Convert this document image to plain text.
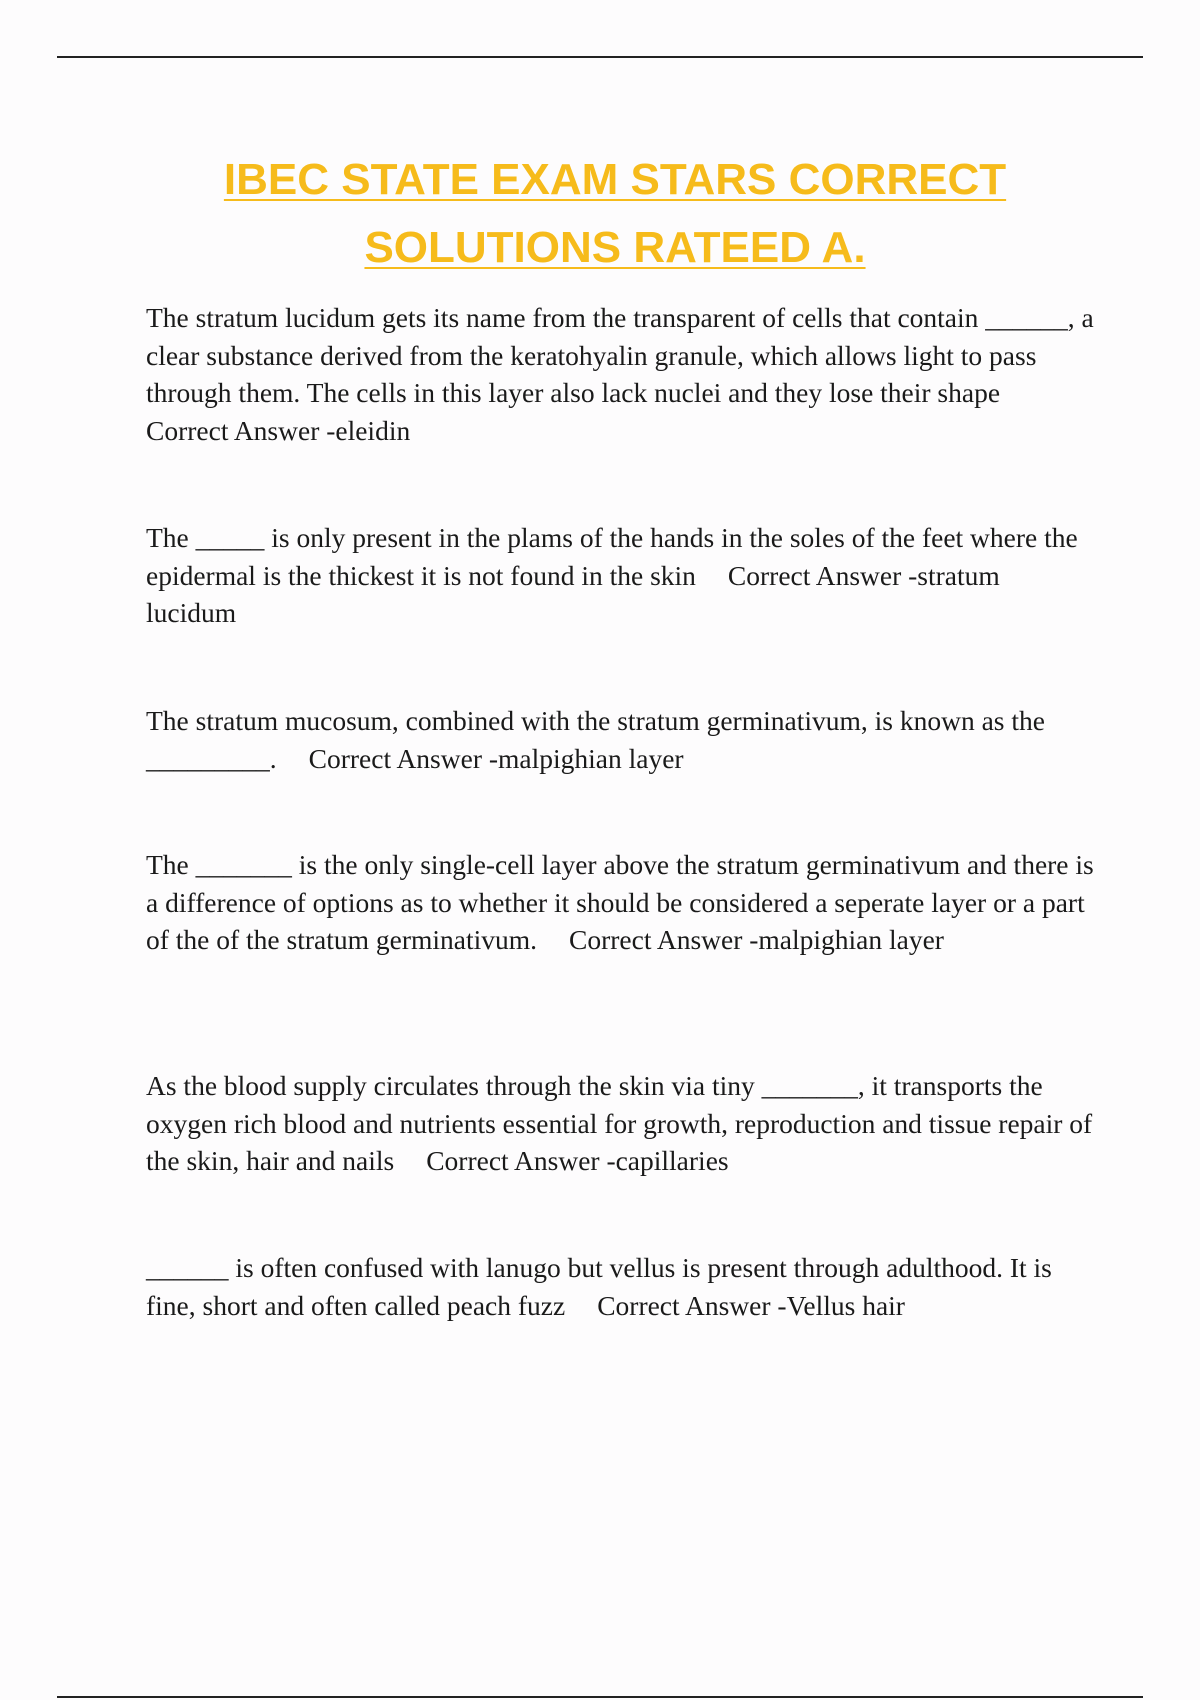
IBEC STATE EXAM STARS CORRECT
SOLUTIONS RATEED A.

The stratum lucidum gets its name from the transparent of cells that contain ______, a clear substance derived from the keratohyalin granule, which allows light to pass through them. The cells in this layer also lack nuclei and they lose their shapeCorrect Answer -eleidin

The _____ is only present in the plams of the hands in the soles of the feet where the epidermal is the thickest it is not found in the skin Correct Answer -stratum lucidum

The stratum mucosum, combined with the stratum germinativum, is known as the _________. Correct Answer -malpighian layer

The _______ is the only single-cell layer above the stratum germinativum and there is a difference of options as to whether it should be considered a seperate layer or a part of the of the stratum germinativum. Correct Answer -malpighian layer

As the blood supply circulates through the skin via tiny _______, it transports the oxygen rich blood and nutrients essential for growth, reproduction and tissue repair of the skin, hair and nails Correct Answer -capillaries

______ is often confused with lanugo but vellus is present through adulthood. It is fine, short and often called peach fuzz Correct Answer -Vellus hair
